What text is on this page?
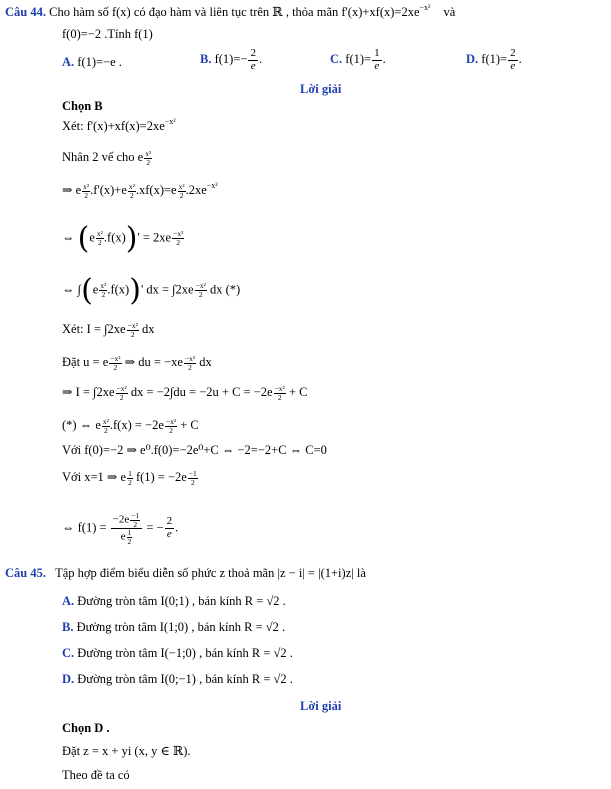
Câu 44. Cho hàm số f(x) có đạo hàm và liên tục trên ℝ , thỏa mãn $f'(x)+xf(x)=2xe^{-x^2}$ và
f(0)=−2 .Tính f(1)
A. f(1)=−e .	B. $f(1)=- \frac{2}{e}$ .	C. $f(1)= \frac{1}{e}$ .	D. $f(1)= \frac{2}{e}$ .
Lời giải
Chọn B
Xét: $f'(x)+xf(x)=2xe^{-x^2}$
Nhân 2 vế cho e $\frac{\text{x²}}{2}$
⇒ e $\frac{\text{x²}}{2} .f'(x)+e \frac{\text{x²}}{2} .xf(x)=e \frac{\text{x²}}{2} .2xe^{-x^2}$
⇔ $(e \frac{\text{x²}}{2} .f(x))' = 2xe \frac{\text{−x²}}{2}$
⇔ $\int(e \frac{\text{x²}}{2} .f(x))'$ dx = $\int 2xe \frac{\text{−x²}}{2}$ dx (*)
Xét: $I = \int 2xe \frac{\text{−x²}}{2}$ dx
Đặt u = e $\frac{\text{−x²}}{2}$ ⇒ du = $-xe \frac{\text{−x²}}{2}$ dx
⇒ $I = \int 2xe \frac{\text{−x²}}{2}$ dx = $-2\int du = -2u + C = -2e \frac{\text{−x²}}{2} + C$
(*) ⇔ e $\frac{\text{x²}}{2} .f(x) = -2e \frac{\text{−x²}}{2} + C$
Với f(0)=−2 ⇒ e⁰.f(0)=−2e⁰+C ⇔ −2=−2+C ⇔ C=0
Với x=1 ⇒ e $\frac{1}{2} f(1) = -2e \frac{-1}{2}$
⇔ $f(1) = \frac{-2e \frac{-1}{2}}{e \frac{1}{2}}$ = − $\frac{2}{e}$ .
Câu 45. Tập hợp điểm biểu diễn số phức z thoả mãn |z − i| = |(1+i)z| là
A. Đường tròn tâm I(0;1) , bán kính R = √2 .
B. Đường tròn tâm I(1;0) , bán kính R = √2 .
C. Đường tròn tâm I(−1;0) , bán kính R = √2 .
D. Đường tròn tâm I(0;−1) , bán kính R = √2 .
Lời giải
Chọn D .
Đặt z = x + yi (x, y ∈ ℝ).
Theo đề ta có
